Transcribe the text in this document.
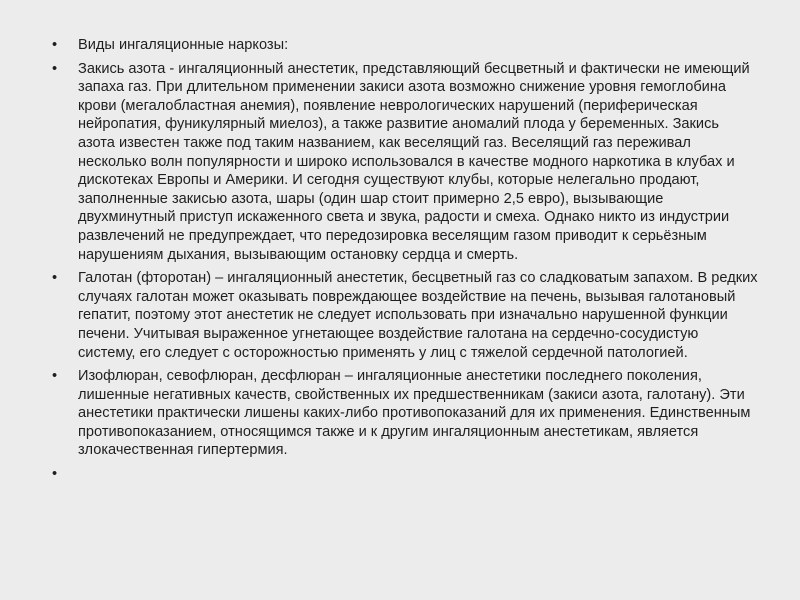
•	Виды ингаляционные наркозы:
•	Закись азота - ингаляционный анестетик, представляющий бесцветный и фактически не имеющий запаха газ. При длительном применении закиси азота возможно снижение уровня гемоглобина крови (мегалобластная анемия), появление неврологических нарушений (периферическая нейропатия, фуникулярный миелоз), а также развитие аномалий плода у беременных. Закись азота известен также под таким названием, как веселящий газ. Веселящий газ переживал несколько волн популярности и широко использовался в качестве модного наркотика в клубах и дискотеках Европы и Америки. И сегодня существуют клубы, которые нелегально продают, заполненные закисью азота, шары (один шар стоит примерно 2,5 евро), вызывающие двухминутный приступ искаженного света и звука, радости и смеха. Однако никто из индустрии развлечений не предупреждает, что передозировка веселящим газом приводит к серьёзным нарушениям дыхания, вызывающим остановку сердца и смерть.
•	Галотан (фторотан) – ингаляционный анестетик, бесцветный газ со сладковатым запахом. В редких случаях галотан может оказывать повреждающее воздействие на печень, вызывая галотановый гепатит, поэтому этот анестетик не следует использовать при изначально нарушенной функции печени. Учитывая выраженное угнетающее воздействие галотана на сердечно-сосудистую систему, его следует с осторожностью применять у лиц с тяжелой сердечной патологией.
•	Изофлюран, севофлюран, десфлюран – ингаляционные анестетики последнего поколения, лишенные негативных качеств, свойственных их предшественникам (закиси азота, галотану). Эти анестетики практически лишены каких-либо противопоказаний для их применения. Единственным противопоказанием, относящимся также и к другим ингаляционным анестетикам, является злокачественная гипертермия.
•
